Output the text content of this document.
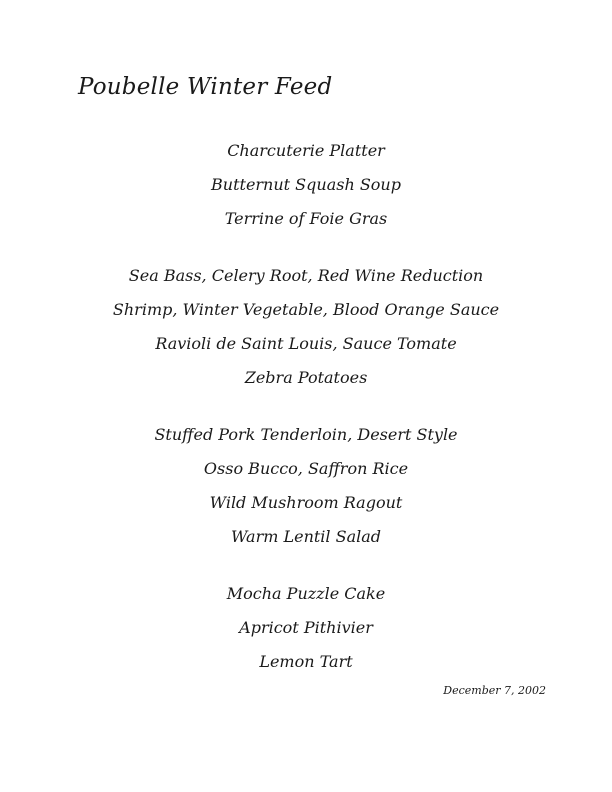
Poubelle Winter Feed
Charcuterie Platter
Butternut Squash Soup
Terrine of Foie Gras
Sea Bass, Celery Root, Red Wine Reduction
Shrimp, Winter Vegetable, Blood Orange Sauce
Ravioli de Saint Louis, Sauce Tomate
Zebra Potatoes
Stuffed Pork Tenderloin, Desert Style
Osso Bucco, Saffron Rice
Wild Mushroom Ragout
Warm Lentil Salad
Mocha Puzzle Cake
Apricot Pithivier
Lemon Tart
December 7, 2002
